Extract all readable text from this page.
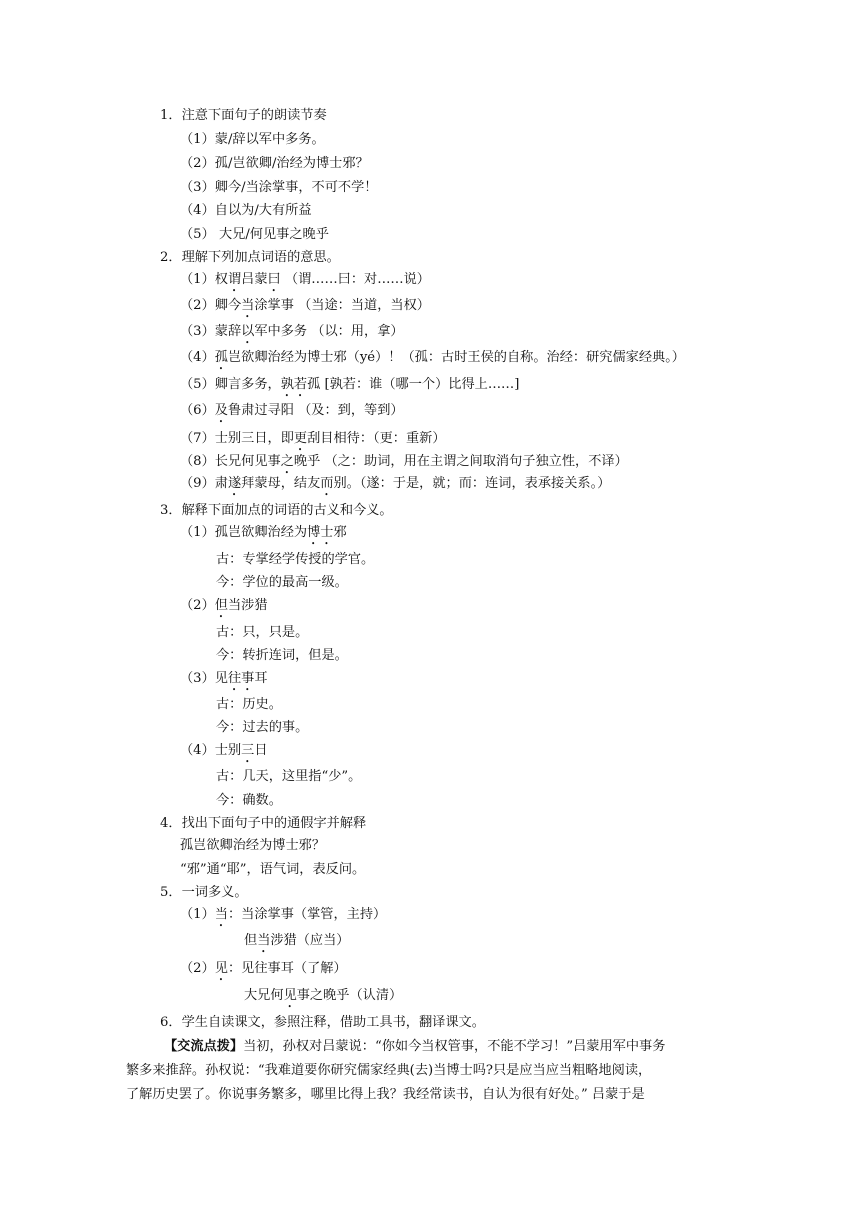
1．注意下面句子的朗读节奏
（1）蒙/辞以军中多务。
（2）孤/岂欲卿/治经为博士邪？
（3）卿今/当涂掌事，不可不学！
（4）自以为/大有所益
（5） 大兄/何见事之晚乎
2．理解下列加点词语的意思。
（1）权谓吕蒙曰 （谓……曰：对……说）
（2）卿今当涂掌事 （当途：当道，当权）
（3）蒙辞以军中多务 （以：用，拿）
（4）孤岂欲卿治经为博士邪（yé）！（孤：古时王侯的自称。治经：研究儒家经典。）
（5）卿言多务，孰若孤 [孰若：谁（哪一个）比得上……]
（6）及鲁肃过寻阳 （及：到，等到）
（7）士别三日，即更刮目相待：（更：重新）
（8）长兄何见事之晚乎 （之：助词，用在主谓之间取消句子独立性，不译）
（9）肃遂拜蒙母，结友而别。（遂：于是，就；而：连词，表承接关系。）
3．解释下面加点的词语的古义和今义。
（1）孤岂欲卿治经为博士邪
古：专掌经学传授的学官。
今：学位的最高一级。
（2）但当涉猎
古：只，只是。
今：转折连词，但是。
（3）见往事耳
古：历史。
今：过去的事。
（4）士别三日
古：几天，这里指“少”。
今：确数。
4．找出下面句子中的通假字并解释
孤岂欲卿治经为博士邪？
“邪”通“耶”，语气词，表反问。
5．一词多义。
（1）当：当涂掌事（掌管，主持）
但当涉猎（应当）
（2）见：见往事耳（了解）
大兄何见事之晚乎（认清）
6．学生自读课文，参照注释，借助工具书，翻译课文。
【交流点拨】当初，孙权对吕蒙说：“你如今当权管事，不能不学习！”吕蒙用军中事务
繁多来推辞。孙权说：“我难道要你研究儒家经典(去)当博士吗?只是应当应当粗略地阅读，
了解历史罢了。你说事务繁多，哪里比得上我？我经常读书，自认为很有好处。” 吕蒙于是
